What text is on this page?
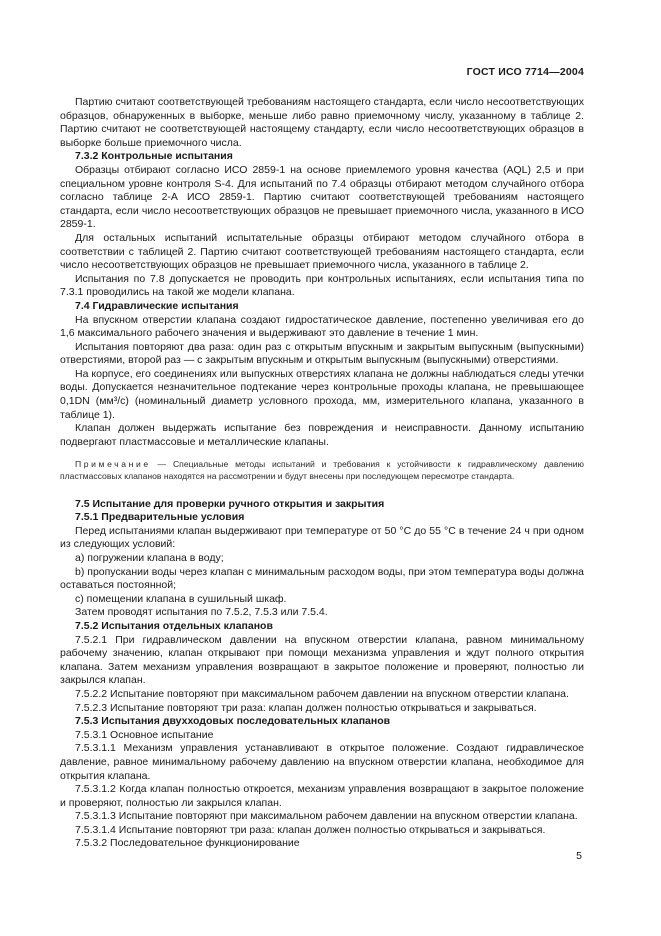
ГОСТ ИСО 7714—2004

Партию считают соответствующей требованиям настоящего стандарта, если число несоответствующих образцов, обнаруженных в выборке, меньше либо равно приемочному числу, указанному в таблице 2. Партию считают не соответствующей настоящему стандарту, если число несоответствующих образцов в выборке больше приемочного числа.

7.3.2 Контрольные испытания

Образцы отбирают согласно ИСО 2859-1 на основе приемлемого уровня качества (AQL) 2,5 и при специальном уровне контроля S-4. Для испытаний по 7.4 образцы отбирают методом случайного отбора согласно таблице 2-А ИСО 2859-1. Партию считают соответствующей требованиям настоящего стандарта, если число несоответствующих образцов не превышает приемочного числа, указанного в ИСО 2859-1.

Для остальных испытаний испытательные образцы отбирают методом случайного отбора в соответствии с таблицей 2. Партию считают соответствующей требованиям настоящего стандарта, если число несоответствующих образцов не превышает приемочного числа, указанного в таблице 2.

Испытания по 7.8 допускается не проводить при контрольных испытаниях, если испытания типа по 7.3.1 проводились на такой же модели клапана.

7.4 Гидравлические испытания

На впускном отверстии клапана создают гидростатическое давление, постепенно увеличивая его до 1,6 максимального рабочего значения и выдерживают это давление в течение 1 мин.

Испытания повторяют два раза: один раз с открытым впускным и закрытым выпускным (выпускными) отверстиями, второй раз — с закрытым впускным и открытым выпускным (выпускными) отверстиями.

На корпусе, его соединениях или выпускных отверстиях клапана не должны наблюдаться следы утечки воды. Допускается незначительное подтекание через контрольные проходы клапана, не превышающее 0,1DN (мм³/с) (номинальный диаметр условного прохода, мм, измерительного клапана, указанного в таблице 1).

Клапан должен выдержать испытание без повреждения и неисправности. Данному испытанию подвергают пластмассовые и металлические клапаны.

Примечание — Специальные методы испытаний и требования к устойчивости к гидравлическому давлению пластмассовых клапанов находятся на рассмотрении и будут внесены при последующем пересмотре стандарта.

7.5 Испытание для проверки ручного открытия и закрытия

7.5.1 Предварительные условия

Перед испытаниями клапан выдерживают при температуре от 50 °С до 55 °С в течение 24 ч при одном из следующих условий:

a) погружении клапана в воду;

b) пропускании воды через клапан с минимальным расходом воды, при этом температура воды должна оставаться постоянной;

c) помещении клапана в сушильный шкаф.

Затем проводят испытания по 7.5.2, 7.5.3 или 7.5.4.

7.5.2 Испытания отдельных клапанов

7.5.2.1 При гидравлическом давлении на впускном отверстии клапана, равном минимальному рабочему значению, клапан открывают при помощи механизма управления и ждут полного открытия клапана. Затем механизм управления возвращают в закрытое положение и проверяют, полностью ли закрылся клапан.

7.5.2.2 Испытание повторяют при максимальном рабочем давлении на впускном отверстии клапана.

7.5.2.3 Испытание повторяют три раза: клапан должен полностью открываться и закрываться.

7.5.3 Испытания двухходовых последовательных клапанов

7.5.3.1 Основное испытание

7.5.3.1.1 Механизм управления устанавливают в открытое положение. Создают гидравлическое давление, равное минимальному рабочему давлению на впускном отверстии клапана, необходимое для открытия клапана.

7.5.3.1.2 Когда клапан полностью откроется, механизм управления возвращают в закрытое положение и проверяют, полностью ли закрылся клапан.

7.5.3.1.3 Испытание повторяют при максимальном рабочем давлении на впускном отверстии клапана.

7.5.3.1.4 Испытание повторяют три раза: клапан должен полностью открываться и закрываться.

7.5.3.2 Последовательное функционирование

5
